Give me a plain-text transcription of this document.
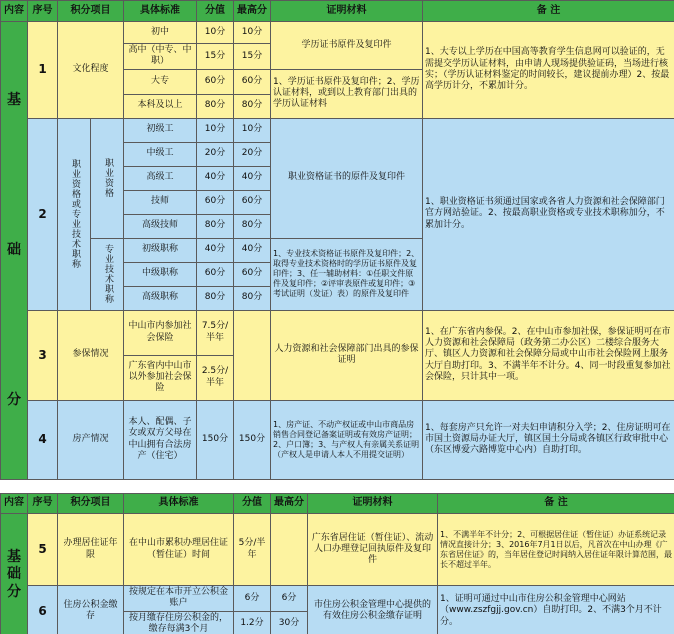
内容	序号	积分项目		具体标准	分值	最高分	证明材料	备 注

基
础
分	1	文化程度		初中	10分	10分	学历证书原件及复印件	1、大专以上学历在中国高等教育学生信息网可以验证的，无需提交学历认证材料，由申请人现场提供验证码，当场进行核实；（学历认证材料鉴定的时间较长，建议提前办理）2、按最高学历计分，不累加计分。
				高中（中专、中职）	15分	15分		
				大专	60分	60分	1、学历证书原件及复印件；2、学历认证材料，或到以上教育部门出具的学历认证材料	
				本科及以上	80分	80分		
	2	职业资格或专业技术职称	职业资格	初级工	10分	10分	职业资格证书的原件及复印件	1、职业资格证书须通过国家或各省人力资源和社会保障部门官方网站验证。2、按最高职业资格或专业技术职称加分，不累加计分。
				中级工	20分	20分		
				高级工	40分	40分		
				技师	60分	60分		
				高级技师	80分	80分		
			专业技术职称	初级职称	40分	40分	1、专业技术资格证书原件及复印件；2、取得专业技术资格时的学历证书原件及复印件；3、任一辅助材料：①任职文件原件及复印件；②评审表原件或复印件；③考试证明（发证）表）的原件及复印件	
				中级职称	60分	60分		
				高级职称	80分	80分		
	3	参保情况		中山市内参加社会保险	7.5分/半年		人力资源和社会保障部门出具的参保证明	1、在广东省内参保。2、在中山市参加社保，参保证明可在市人力资源和社会保障局（政务第二办公区）二楼综合服务大厅、镇区人力资源和社会保障分局或中山市社会保险网上服务大厅自助打印。3、不满半年不计分。4、同一时段重复参加社会保险，只计其中一项。
				广东省内中山市以外参加社会保险	2.5分/半年			
	4	房产情况		本人、配偶、子女或双方父母在中山拥有合法房产（住宅）	150分	150分	1、房产证、不动产权证或中山市商品房销售合同登记备案证明或有效房产证明；2、户口簿；3、与产权人有亲属关系证明（产权人是申请人本人不用提交证明）	1、每套房产只允许一对夫妇申请积分入学；2、住房证明可在市国土资源局办证大厅，镇区国土分局或各镇区行政审批中心（东区博爱六路博览中心内）自助打印。
内容	序号	积分项目	具体标准	分值	最高分	证明材料	备 注

基
础
分	5	办理居住证年限	在中山市累积办理居住证（暂住证）时间	5分/半年		广东省居住证（暂住证）、流动人口办理登记回执原件及复印件	1、不满半年不计分；2、可根据居住证（暂住证）办证系统记录情况直接计分；3、2016年7月1日以后，凡首次在中山办理《广东省居住证》的，当年居住登记时间纳入居住证年限计算范围，最长不超过半年。
	6	住房公积金缴存	按规定在本市开立公积金账户	6分	6分	市住房公积金管理中心提供的有效住房公积金缴存证明	1、证明可通过中山市住房公积金管理中心网站（www.zszfgjj.gov.cn）自助打印。2、不满3个月不计分。
			按月缴存住房公积金的，缴存每满3个月	1.2分	30分		
